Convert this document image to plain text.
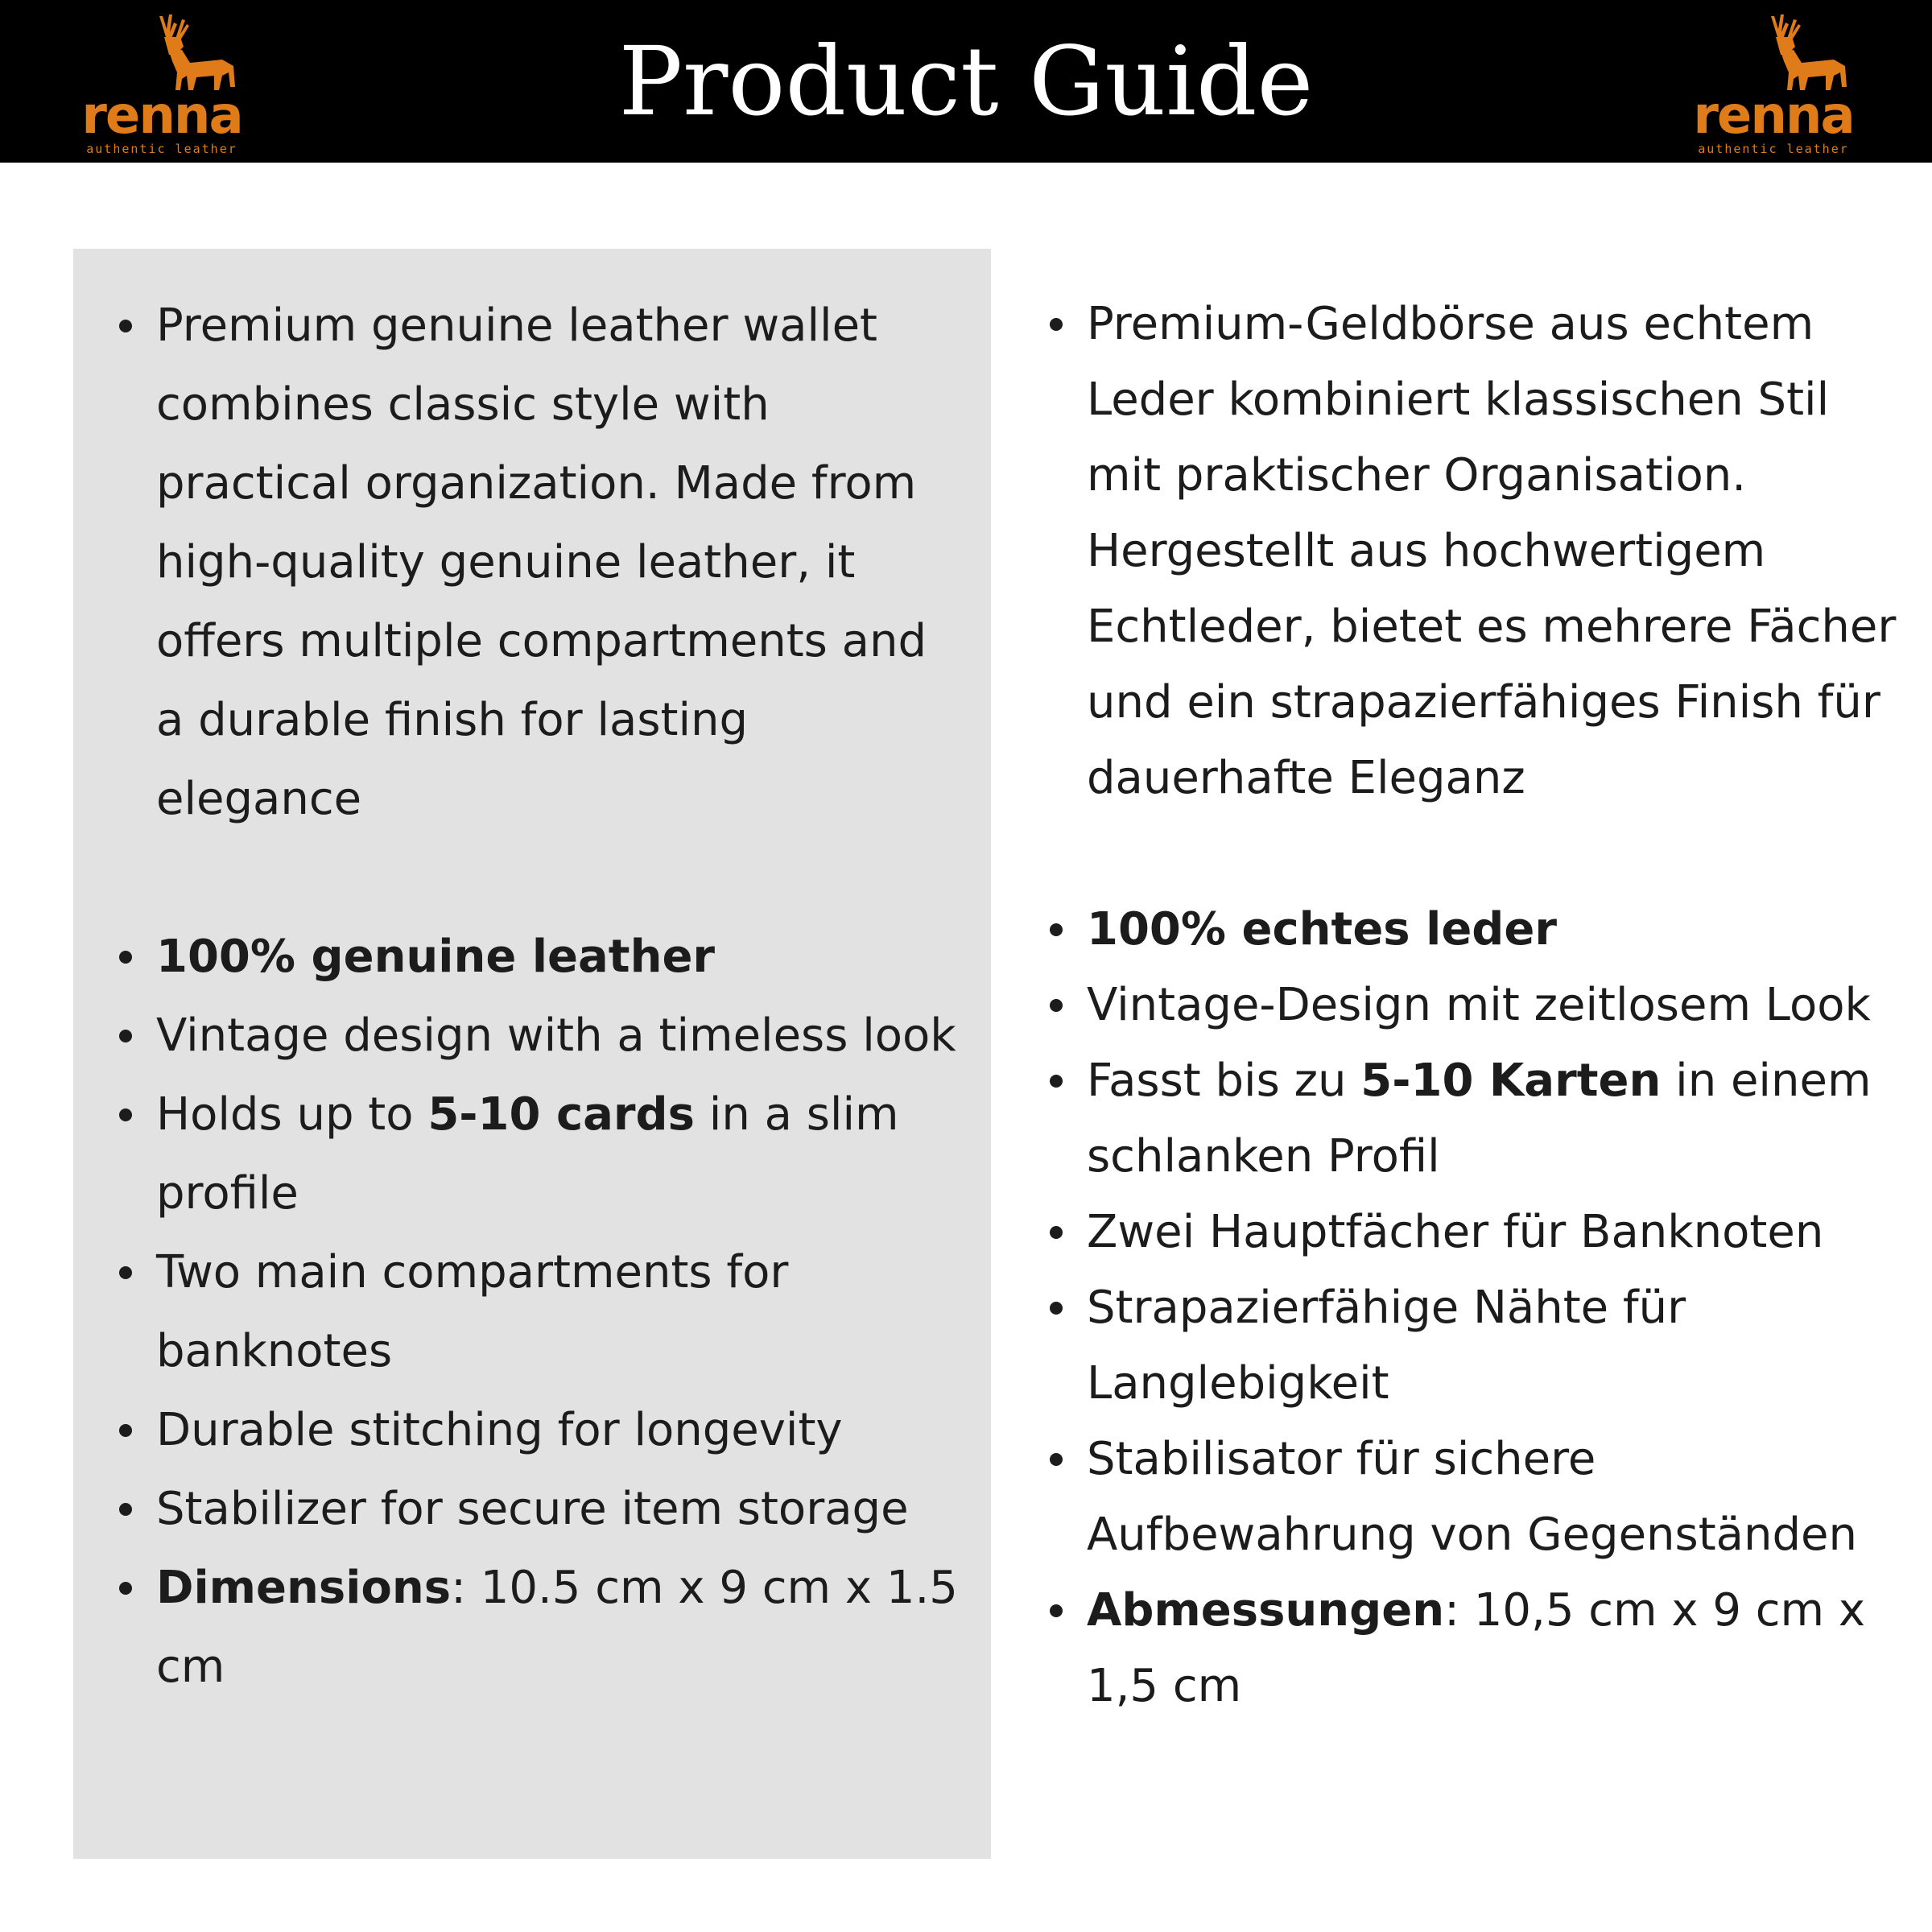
renna
authentic leather
Product Guide	renna
authentic leather
Premium genuine leather wallet combines classic style with practical organization. Made from high-quality genuine leather, it offers multiple compartments and a durable finish for lasting elegance
100% genuine leather
Vintage design with a timeless look
Holds up to 5-10 cards in a slim profile
Two main compartments for banknotes
Durable stitching for longevity
Stabilizer for secure item storage
Dimensions: 10.5 cm x 9 cm x 1.5 cm
Premium-Geldbörse aus echtem Leder kombiniert klassischen Stil mit praktischer Organisation. Hergestellt aus hochwertigem Echtleder, bietet es mehrere Fächer und ein strapazierfähiges Finish für dauerhafte Eleganz
100% echtes leder
Vintage-Design mit zeitlosem Look
Fasst bis zu 5-10 Karten in einem schlanken Profil
Zwei Hauptfächer für Banknoten
Strapazierfähige Nähte für Langlebigkeit
Stabilisator für sichere Aufbewahrung von Gegenständen
Abmessungen: 10,5 cm x 9 cm x 1,5 cm
